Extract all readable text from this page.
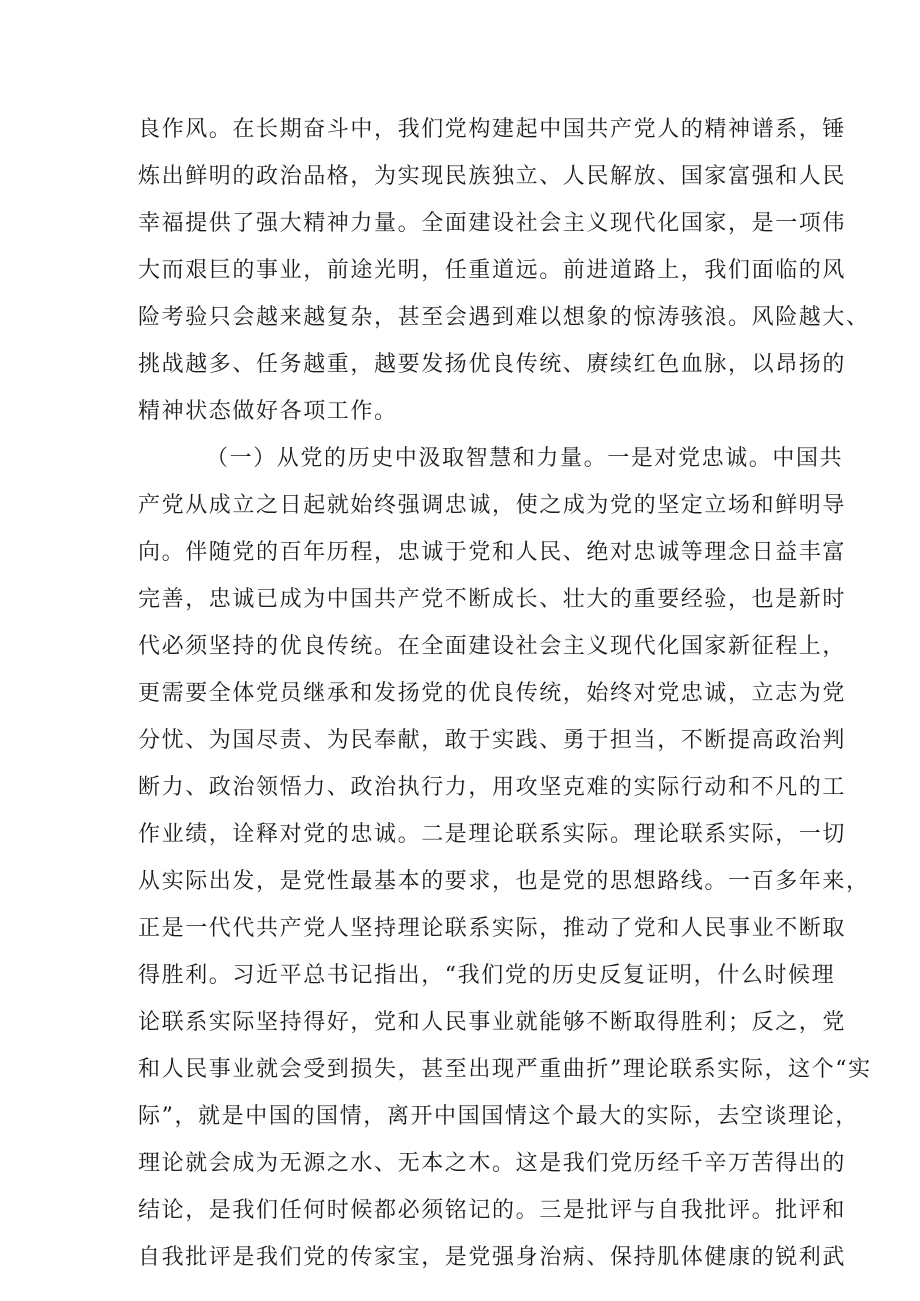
良作风。在长期奋斗中，我们党构建起中国共产党人的精神谱系，锤
炼出鲜明的政治品格，为实现民族独立、人民解放、国家富强和人民
幸福提供了强大精神力量。全面建设社会主义现代化国家，是一项伟
大而艰巨的事业，前途光明，任重道远。前进道路上，我们面临的风
险考验只会越来越复杂，甚至会遇到难以想象的惊涛骇浪。风险越大、
挑战越多、任务越重，越要发扬优良传统、赓续红色血脉，以昂扬的
精神状态做好各项工作。
（一）从党的历史中汲取智慧和力量。一是对党忠诚。中国共
产党从成立之日起就始终强调忠诚，使之成为党的坚定立场和鲜明导
向。伴随党的百年历程，忠诚于党和人民、绝对忠诚等理念日益丰富
完善，忠诚已成为中国共产党不断成长、壮大的重要经验，也是新时
代必须坚持的优良传统。在全面建设社会主义现代化国家新征程上，
更需要全体党员继承和发扬党的优良传统，始终对党忠诚，立志为党
分忧、为国尽责、为民奉献，敢于实践、勇于担当，不断提高政治判
断力、政治领悟力、政治执行力，用攻坚克难的实际行动和不凡的工
作业绩，诠释对党的忠诚。二是理论联系实际。理论联系实际，一切
从实际出发，是党性最基本的要求，也是党的思想路线。一百多年来，
正是一代代共产党人坚持理论联系实际，推动了党和人民事业不断取
得胜利。习近平总书记指出，“我们党的历史反复证明，什么时候理
论联系实际坚持得好，党和人民事业就能够不断取得胜利；反之，党
和人民事业就会受到损失，甚至出现严重曲折”理论联系实际，这个“实
际”，就是中国的国情，离开中国国情这个最大的实际，去空谈理论，
理论就会成为无源之水、无本之木。这是我们党历经千辛万苦得出的
结论，是我们任何时候都必须铭记的。三是批评与自我批评。批评和
自我批评是我们党的传家宝，是党强身治病、保持肌体健康的锐利武
